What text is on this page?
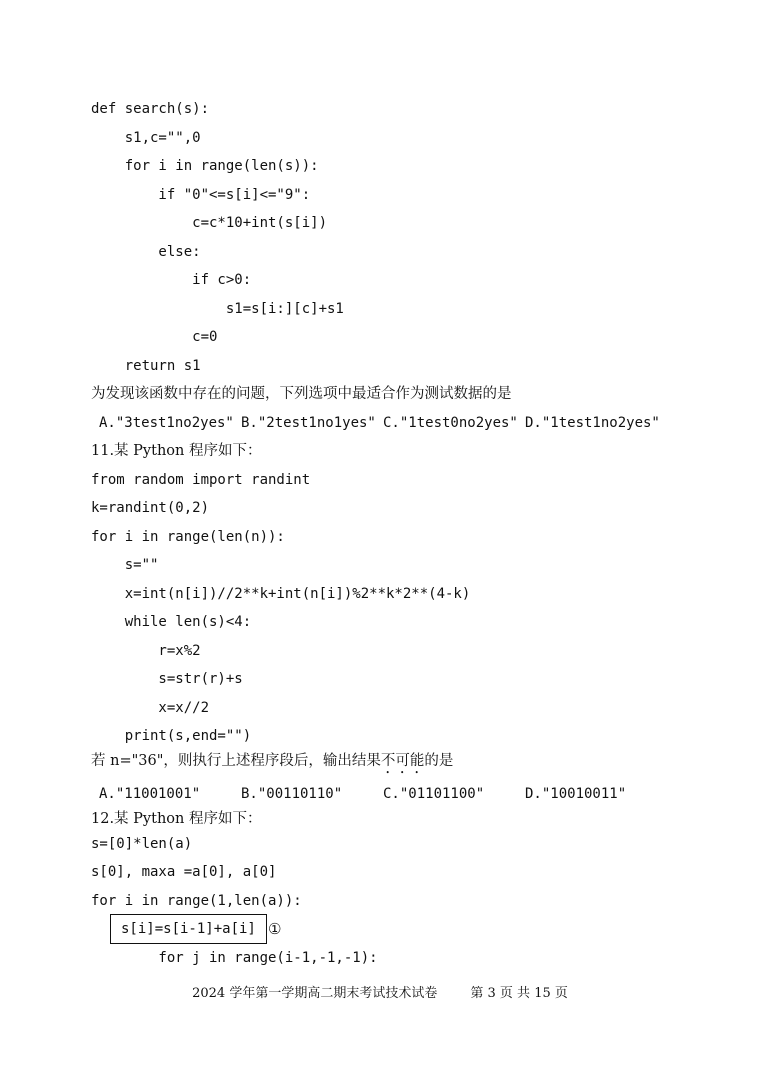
def search(s):
s1,c="",0
for i in range(len(s)):
if "0"<=s[i]<="9":
c=c*10+int(s[i])
else:
if c>0:
s1=s[i:][c]+s1
c=0
return s1
为发现该函数中存在的问题，下列选项中最适合作为测试数据的是
A."3test1no2yes" B."2test1no1yes" C."1test0no2yes" D."1test1no2yes"
11.某 Python 程序如下：
from random import randint
k=randint(0,2)
for i in range(len(n)):
s=""
x=int(n[i])//2**k+int(n[i])%2**k*2**(4-k)
while len(s)<4:
r=x%2
s=str(r)+s
x=x//2
print(s,end="")
若 n="36"，则执行上述程序段后，输出结果不可能的是
A."11001001"	B."00110110"	C."01101100"	D."10010011"
12.某 Python 程序如下：
s=[0]*len(a)
s[0], maxa =a[0], a[0]
for i in range(1,len(a)):
s[i]=s[i-1]+a[i] ①
for j in range(i-1,-1,-1):
2024 学年第一学期高二期末考试技术试卷	第 3 页 共 15 页
